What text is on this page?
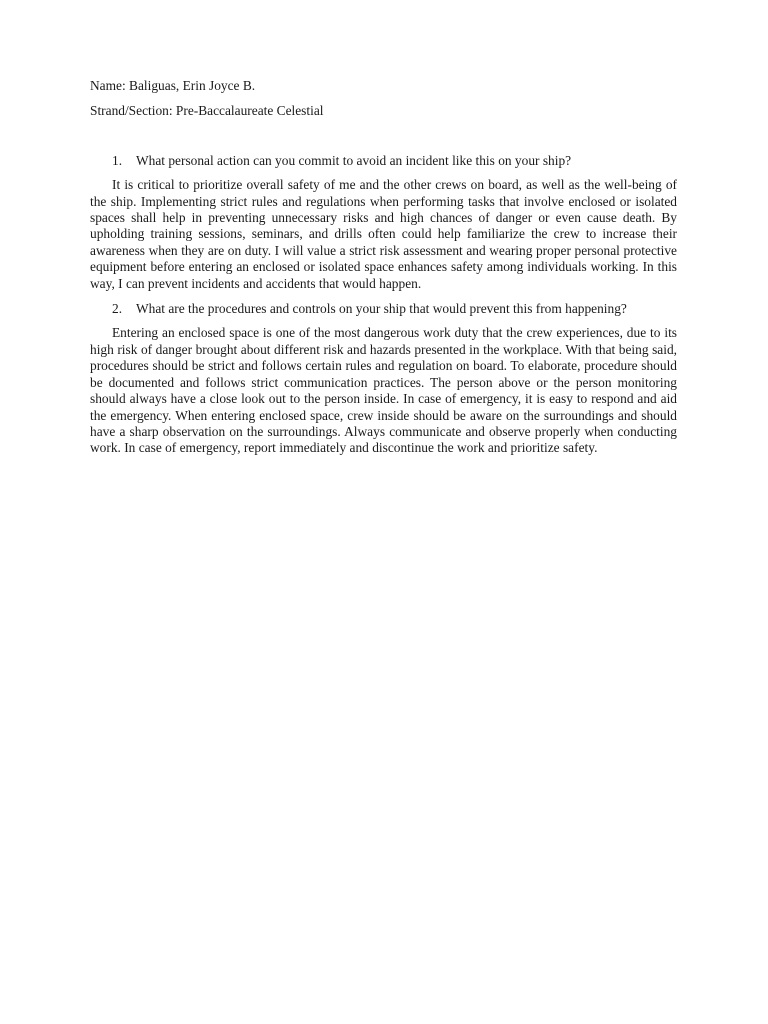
Name: Baliguas, Erin Joyce B.

Strand/Section: Pre-Baccalaureate Celestial

1.	What personal action can you commit to avoid an incident like this on your ship?

It is critical to prioritize overall safety of me and the other crews on board, as well as the well-being of the ship. Implementing strict rules and regulations when performing tasks that involve enclosed or isolated spaces shall help in preventing unnecessary risks and high chances of danger or even cause death. By upholding training sessions, seminars, and drills often could help familiarize the crew to increase their awareness when they are on duty. I will value a strict risk assessment and wearing proper personal protective equipment before entering an enclosed or isolated space enhances safety among individuals working. In this way, I can prevent incidents and accidents that would happen.

2.	What are the procedures and controls on your ship that would prevent this from happening?

Entering an enclosed space is one of the most dangerous work duty that the crew experiences, due to its high risk of danger brought about different risk and hazards presented in the workplace. With that being said, procedures should be strict and follows certain rules and regulation on board. To elaborate, procedure should be documented and follows strict communication practices. The person above or the person monitoring should always have a close look out to the person inside. In case of emergency, it is easy to respond and aid the emergency. When entering enclosed space, crew inside should be aware on the surroundings and should have a sharp observation on the surroundings. Always communicate and observe properly when conducting work. In case of emergency, report immediately and discontinue the work and prioritize safety.
